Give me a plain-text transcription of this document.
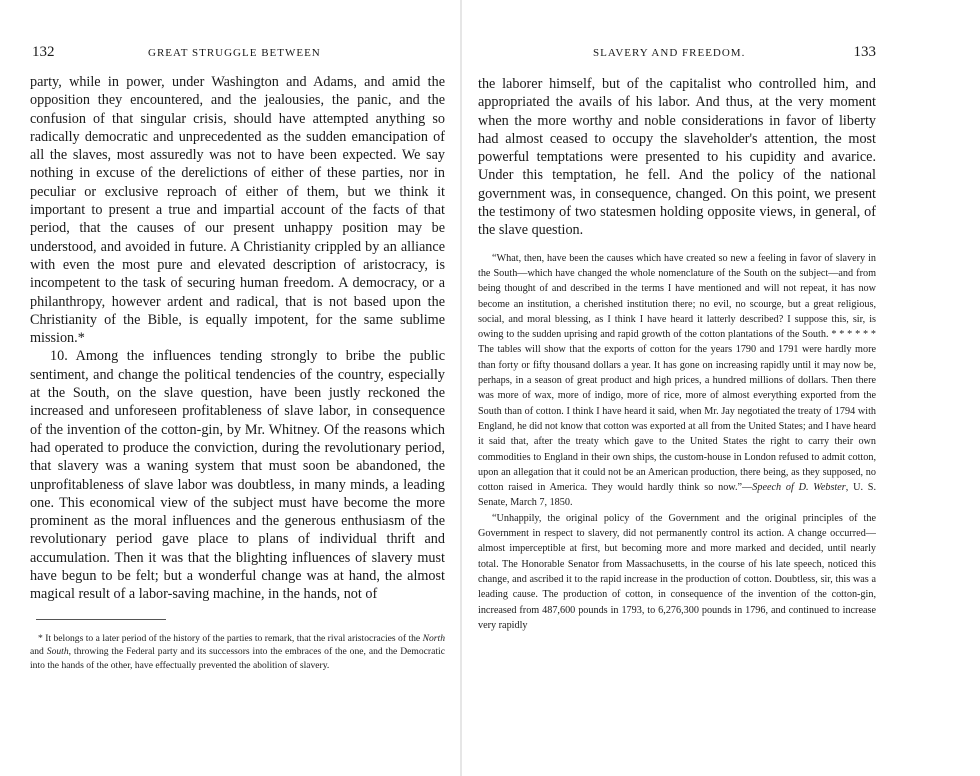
132	GREAT STRUGGLE BETWEEN

party, while in power, under Washington and Adams, and amid the opposition they encountered, and the jealousies, the panic, and the confusion of that singular crisis, should have attempted anything so radically democratic and unprecedented as the sudden emancipation of all the slaves, most assuredly was not to have been expected. We say nothing in excuse of the derelictions of either of these parties, nor in peculiar or exclusive reproach of either of them, but we think it important to present a true and impartial account of the facts of that period, that the causes of our present unhappy position may be understood, and avoided in future. A Christianity crippled by an alliance with even the most pure and elevated description of aristocracy, is incompetent to the task of securing human freedom. A democracy, or a philanthropy, however ardent and radical, that is not based upon the Christianity of the Bible, is equally impotent, for the same sublime mission.*

10. Among the influences tending strongly to bribe the public sentiment, and change the political tendencies of the country, especially at the South, on the slave question, have been justly reckoned the increased and unforeseen profitableness of slave labor, in consequence of the invention of the cotton-gin, by Mr. Whitney. Of the reasons which had operated to produce the conviction, during the revolutionary period, that slavery was a waning system that must soon be abandoned, the unprofitableness of slave labor was doubtless, in many minds, a leading one. This economical view of the subject must have become the more prominent as the moral influences and the generous enthusiasm of the revolutionary period gave place to plans of individual thrift and accumulation. Then it was that the blighting influences of slavery must have begun to be felt; but a wonderful change was at hand, the almost magical result of a labor-saving machine, in the hands, not of

* It belongs to a later period of the history of the parties to remark, that the rival aristocracies of the North and South, throwing the Federal party and its successors into the embraces of the one, and the Democratic into the hands of the other, have effectually prevented the abolition of slavery.

SLAVERY AND FREEDOM.	133

the laborer himself, but of the capitalist who controlled him, and appropriated the avails of his labor. And thus, at the very moment when the more worthy and noble considerations in favor of liberty had almost ceased to occupy the slaveholder's attention, the most powerful temptations were presented to his cupidity and avarice. Under this temptation, he fell. And the policy of the national government was, in consequence, changed. On this point, we present the testimony of two statesmen holding opposite views, in general, of the slave question.

“What, then, have been the causes which have created so new a feeling in favor of slavery in the South—which have changed the whole nomenclature of the South on the subject—and from being thought of and described in the terms I have mentioned and will not repeat, it has now become an institution, a cherished institution there; no evil, no scourge, but a great religious, social, and moral blessing, as I think I have heard it latterly described? I suppose this, sir, is owing to the sudden uprising and rapid growth of the cotton plantations of the South. * * * * * * The tables will show that the exports of cotton for the years 1790 and 1791 were hardly more than forty or fifty thousand dollars a year. It has gone on increasing rapidly until it may now be, perhaps, in a season of great product and high prices, a hundred millions of dollars. Then there was more of wax, more of indigo, more of rice, more of almost everything exported from the South than of cotton. I think I have heard it said, when Mr. Jay negotiated the treaty of 1794 with England, he did not know that cotton was exported at all from the United States; and I have heard it said that, after the treaty which gave to the United States the right to carry their own commodities to England in their own ships, the custom-house in London refused to admit cotton, upon an allegation that it could not be an American production, there being, as they supposed, no cotton raised in America. They would hardly think so now.”—Speech of D. Webster, U. S. Senate, March 7, 1850.

“Unhappily, the original policy of the Government and the original principles of the Government in respect to slavery, did not permanently control its action. A change occurred—almost imperceptible at first, but becoming more and more marked and decided, until nearly total. The Honorable Senator from Massachusetts, in the course of his late speech, noticed this change, and ascribed it to the rapid increase in the production of cotton. Doubtless, sir, this was a leading cause. The production of cotton, in consequence of the invention of the cotton-gin, increased from 487,600 pounds in 1793, to 6,276,300 pounds in 1796, and continued to increase very rapidly
